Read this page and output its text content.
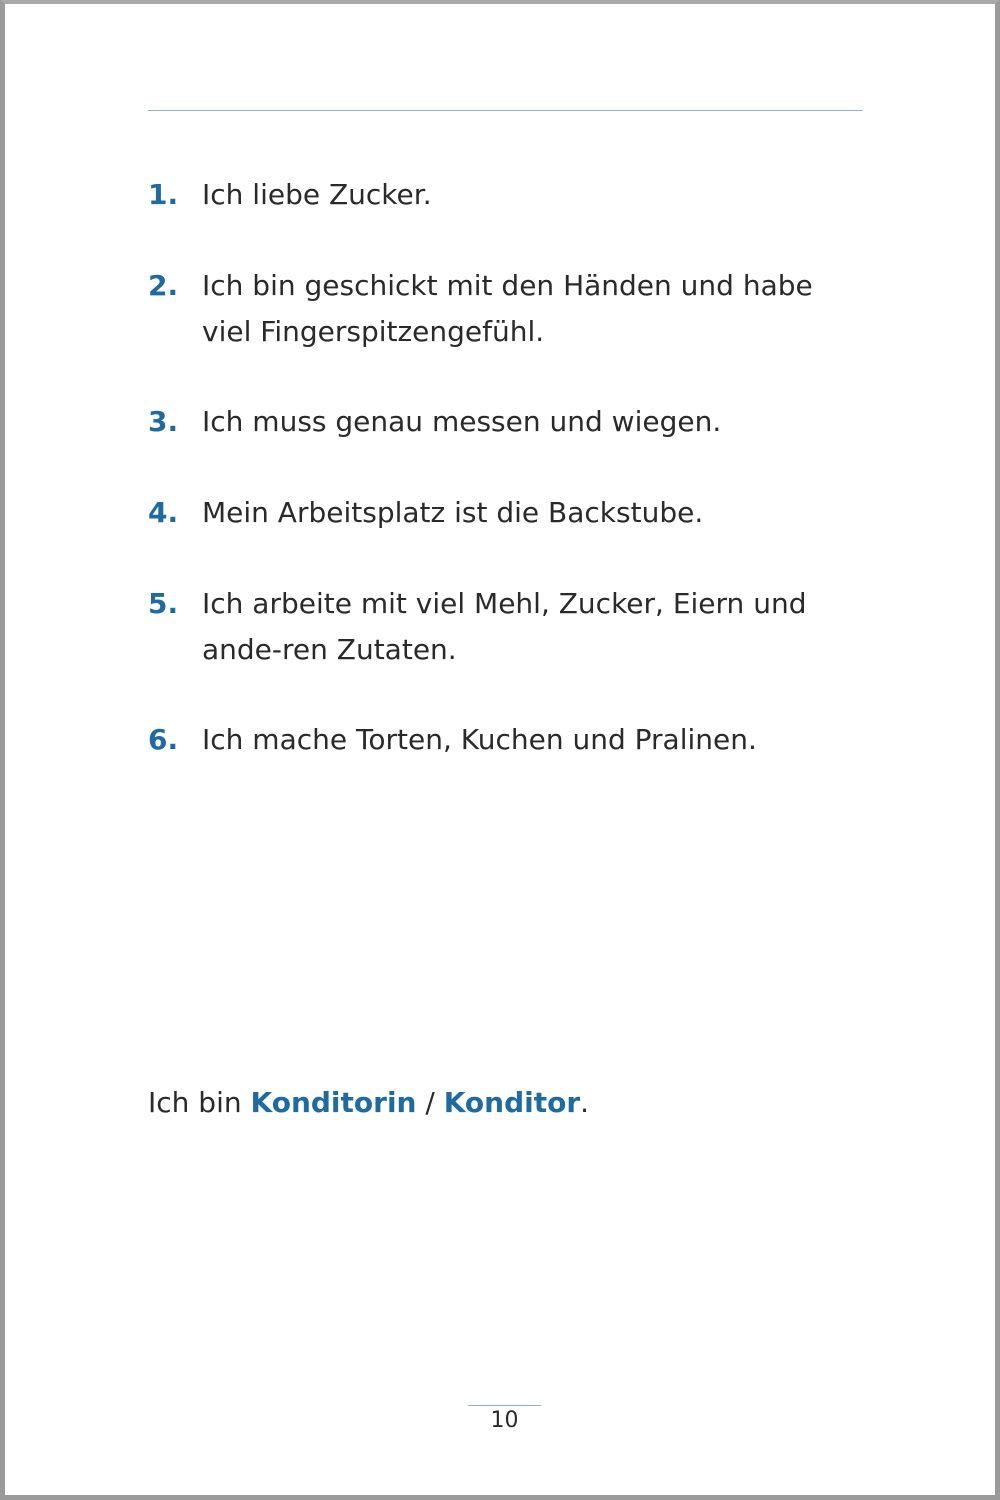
1. Ich liebe Zucker.
2. Ich bin geschickt mit den Händen und habe viel Fingerspitzengefühl.
3. Ich muss genau messen und wiegen.
4. Mein Arbeitsplatz ist die Backstube.
5. Ich arbeite mit viel Mehl, Zucker, Eiern und ande-ren Zutaten.
6. Ich mache Torten, Kuchen und Pralinen.
Ich bin Konditorin / Konditor.
10
